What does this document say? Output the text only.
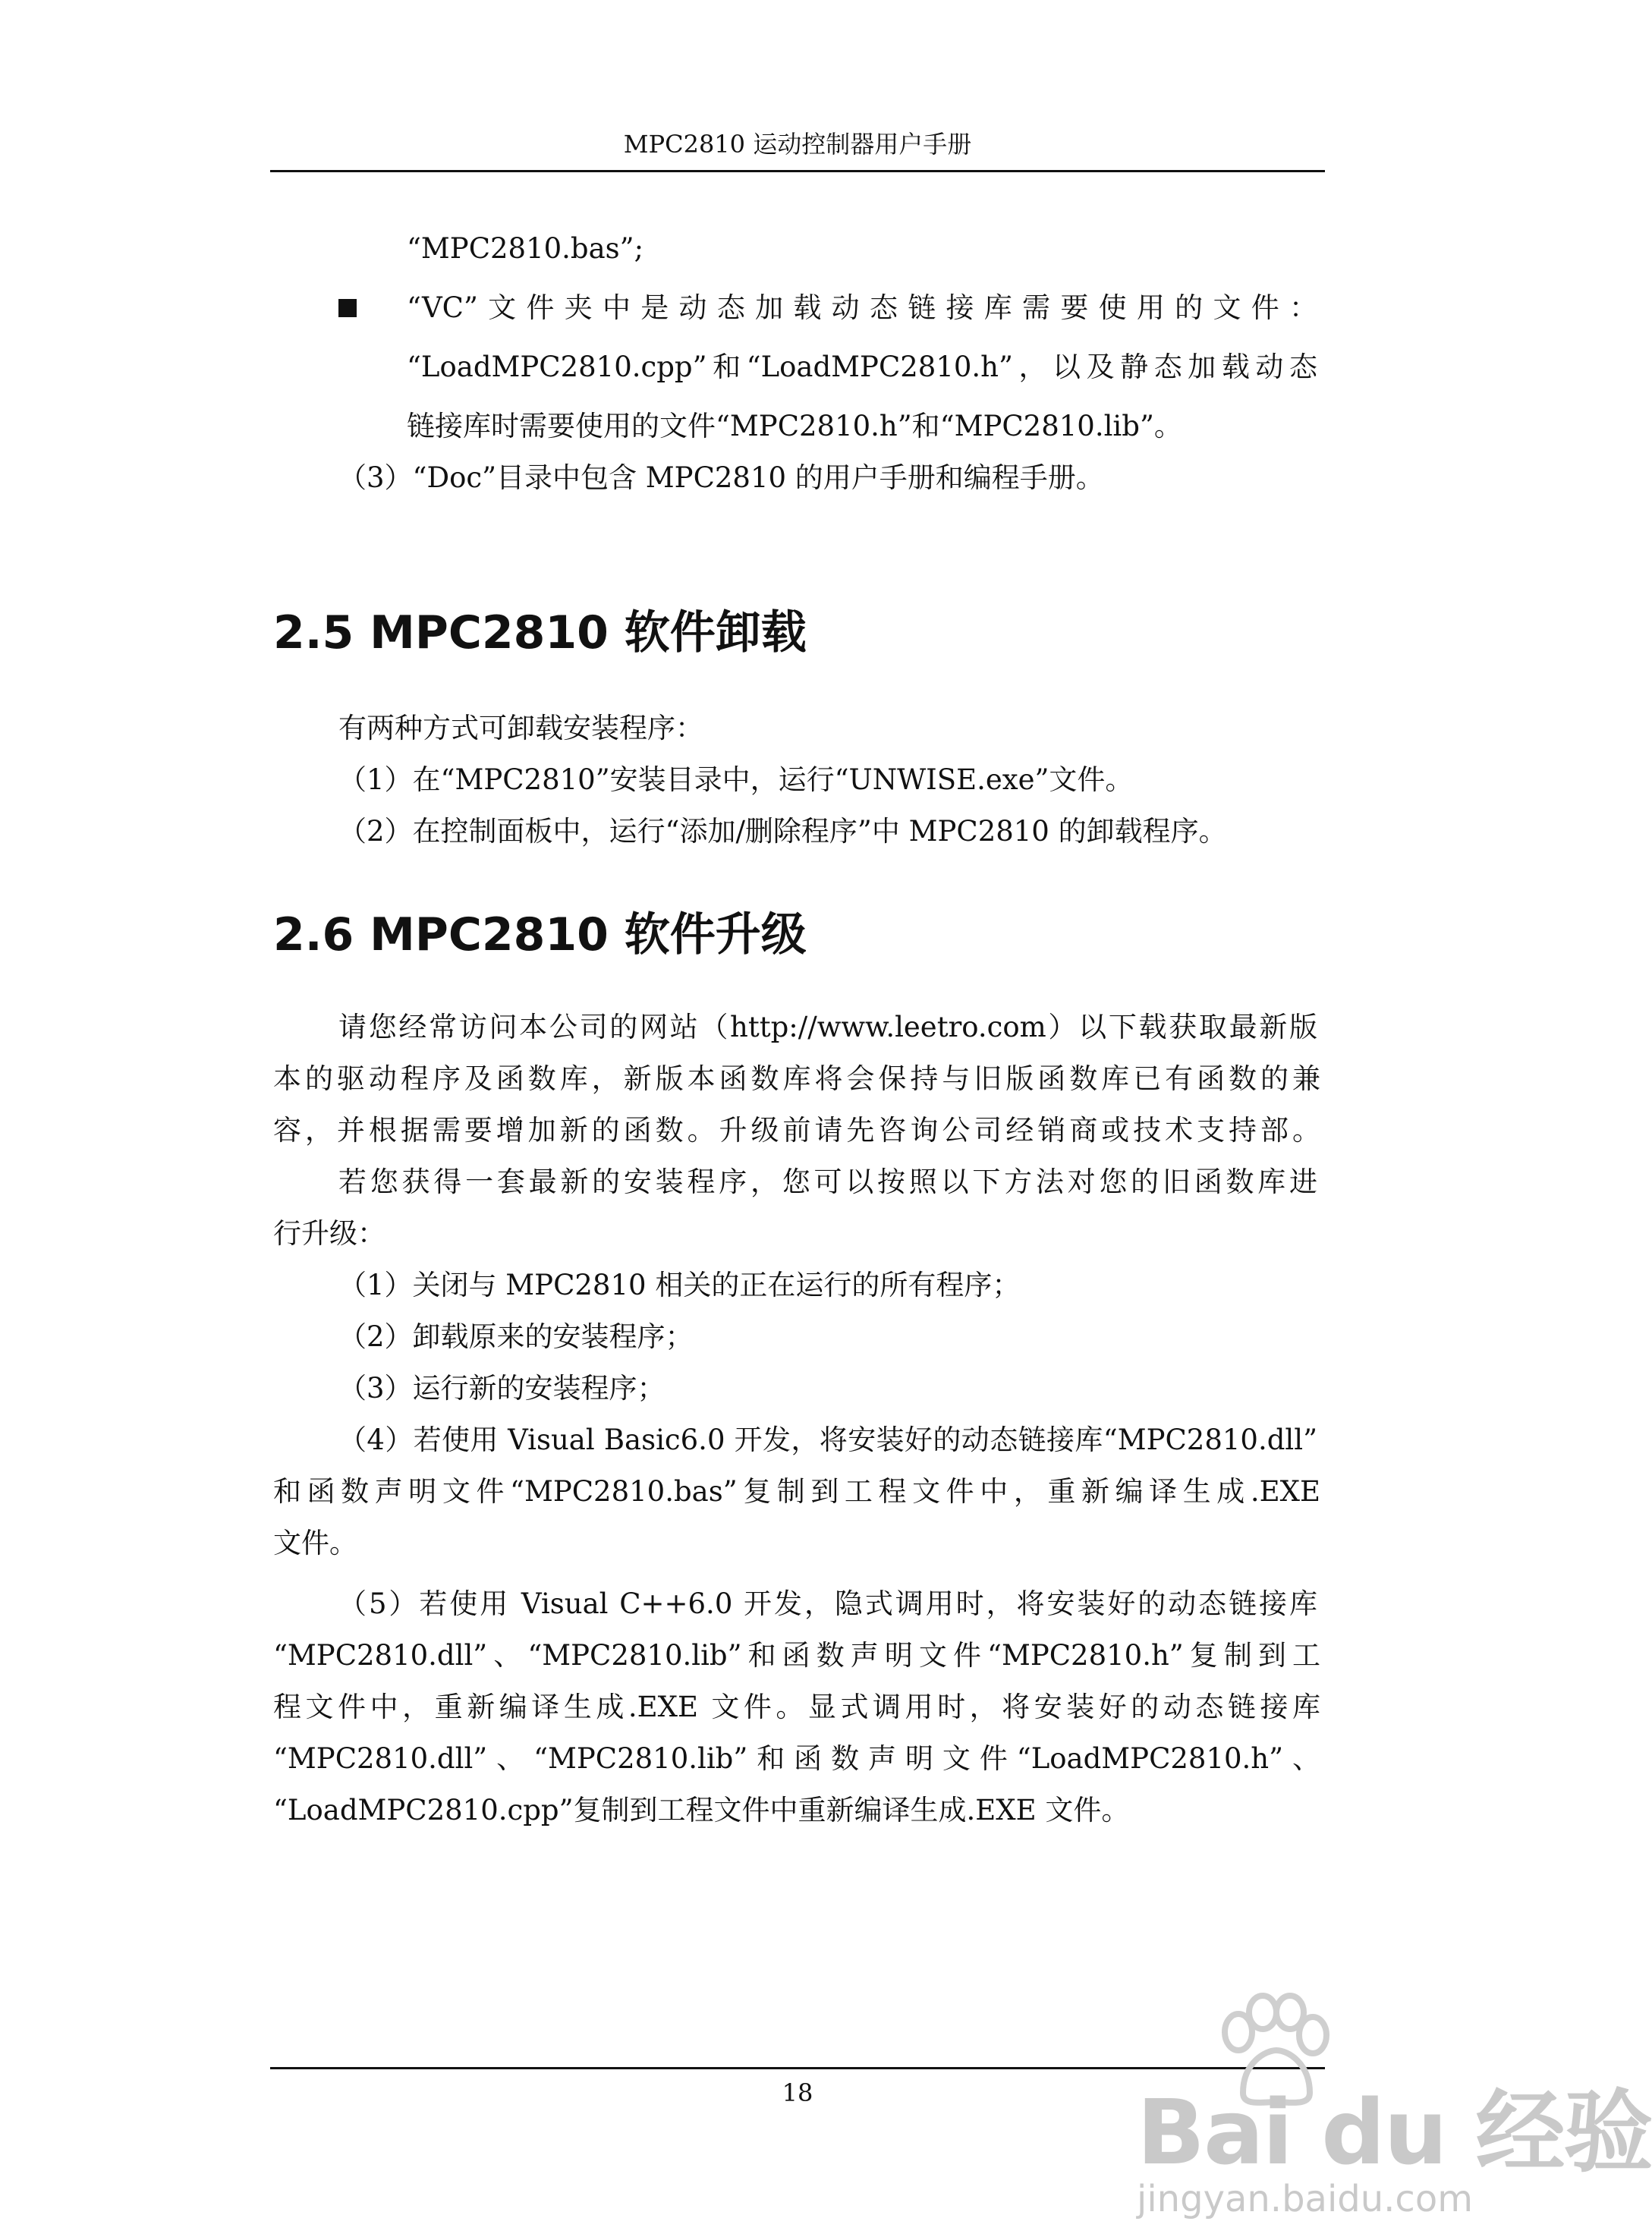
MPC2810 运动控制器用户手册
“MPC2810.bas”;
“VC”文件夹中是动态加载动态链接库需要使用的文件：
“LoadMPC2810.cpp”和“LoadMPC2810.h”，以及静态加载动态
链接库时需要使用的文件“MPC2810.h”和“MPC2810.lib”。
（3）“Doc”目录中包含 MPC2810 的用户手册和编程手册。
2.5 MPC2810 软件卸载
有两种方式可卸载安装程序：
（1）在“MPC2810”安装目录中，运行“UNWISE.exe”文件。
（2）在控制面板中，运行“添加/删除程序”中 MPC2810 的卸载程序。
2.6 MPC2810 软件升级
请您经常访问本公司的网站（http://www.leetro.com）以下载获取最新版
本的驱动程序及函数库，新版本函数库将会保持与旧版函数库已有函数的兼
容，并根据需要增加新的函数。升级前请先咨询公司经销商或技术支持部。
若您获得一套最新的安装程序，您可以按照以下方法对您的旧函数库进
行升级：
（1）关闭与 MPC2810 相关的正在运行的所有程序；
（2）卸载原来的安装程序；
（3）运行新的安装程序；
（4）若使用 Visual Basic6.0 开发，将安装好的动态链接库“MPC2810.dll”
和函数声明文件“MPC2810.bas”复制到工程文件中，重新编译生成.EXE
文件。
（5）若使用 Visual C++6.0 开发，隐式调用时，将安装好的动态链接库
“MPC2810.dll”、“MPC2810.lib”和函数声明文件“MPC2810.h”复制到工
程文件中，重新编译生成.EXE 文件。显式调用时，将安装好的动态链接库
“MPC2810.dll”、“MPC2810.lib”和函数声明文件“LoadMPC2810.h”、
“LoadMPC2810.cpp”复制到工程文件中重新编译生成.EXE 文件。
18	Bai du 经验
jingyan.baidu.com
